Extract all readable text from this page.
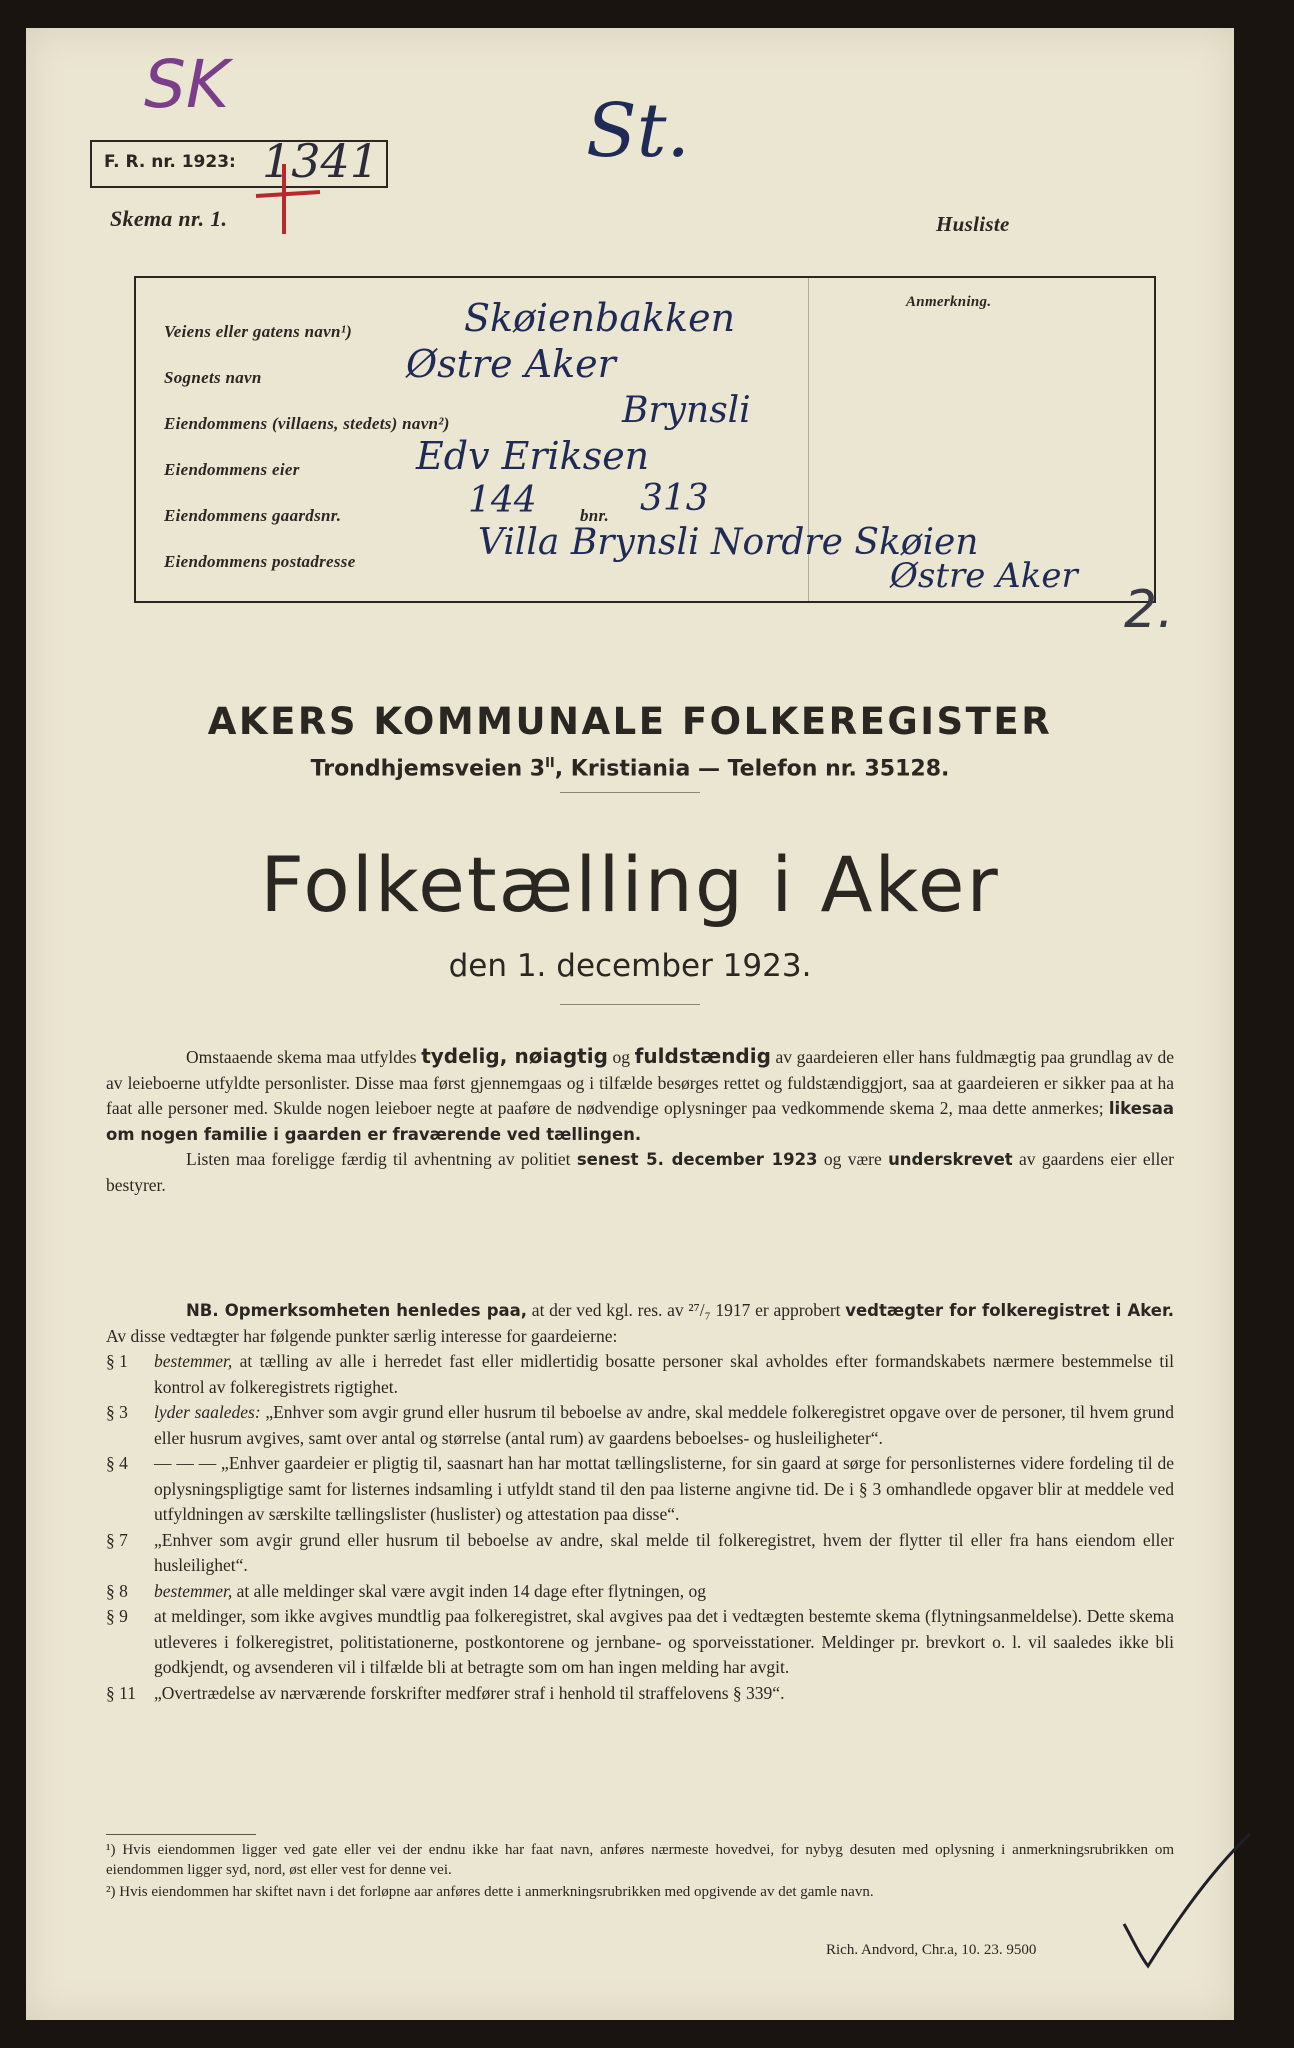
SK
St.
F. R. nr. 1923: 1341
Skema nr. 1.	Husliste
Anmerkning.
Veiens eller gatens navn¹)	Skøienbakken
Sognets navn	Østre Aker
Eiendommens (villaens, stedets) navn²)	Brynsli
Eiendommens eier	Edv Eriksen
Eiendommens gaardsnr.	144	bnr. 313
Eiendommens postadresse	Villa Brynsli Nordre Skøien
Østre Aker
2.
AKERS KOMMUNALE FOLKEREGISTER
Trondhjemsveien $3^{II}$, Kristiania — Telefon nr. 35128.
Folketælling i Aker
den 1. december 1923.

Omstaaende skema maa utfyldes tydelig, nøiagtig og fuldstændig av gaardeieren eller hans fuldmægtig paa grundlag av de av leieboerne utfyldte personlister. Disse maa først gjennemgaas og i tilfælde besørges rettet og fuldstændiggjort, saa at gaardeieren er sikker paa at ha faat alle personer med. Skulde nogen leieboer negte at paaføre de nødvendige oplysninger paa vedkommende skema 2, maa dette anmerkes; likesaa om nogen familie i gaarden er fraværende ved tællingen.

Listen maa foreligge færdig til avhentning av politiet senest 5. december 1923 og være underskrevet av gaardens eier eller bestyrer.

NB. Opmerksomheten henledes paa, at der ved kgl. res. av ²⁷/₇ 1917 er approbert vedtægter for folkeregistret i Aker. Av disse vedtægter har følgende punkter særlig interesse for gaardeierne:

§ 1	bestemmer, at tælling av alle i herredet fast eller midlertidig bosatte personer skal avholdes efter formandskabets nærmere bestemmelse til kontrol av folkeregistrets rigtighet.
§ 3	lyder saaledes: „Enhver som avgir grund eller husrum til beboelse av andre, skal meddele folkeregistret opgave over de personer, til hvem grund eller husrum avgives, samt over antal og størrelse (antal rum) av gaardens beboelses- og husleiligheter“.
§ 4	— — — „Enhver gaardeier er pligtig til, saasnart han har mottat tællingslisterne, for sin gaard at sørge for personlisternes videre fordeling til de oplysningspligtige samt for listernes indsamling i utfyldt stand til den paa listerne angivne tid. De i § 3 omhandlede opgaver blir at meddele ved utfyldningen av særskilte tællingslister (huslister) og attestation paa disse“.
§ 7	„Enhver som avgir grund eller husrum til beboelse av andre, skal melde til folkeregistret, hvem der flytter til eller fra hans eiendom eller husleilighet“.
§ 8	bestemmer, at alle meldinger skal være avgit inden 14 dage efter flytningen, og
§ 9	at meldinger, som ikke avgives mundtlig paa folkeregistret, skal avgives paa det i vedtægten bestemte skema (flytningsanmeldelse). Dette skema utleveres i folkeregistret, politistationerne, postkontorene og jernbane- og sporveisstationer. Meldinger pr. brevkort o. l. vil saaledes ikke bli godkjendt, og avsenderen vil i tilfælde bli at betragte som om han ingen melding har avgit.
§ 11	„Overtrædelse av nærværende forskrifter medfører straf i henhold til straffelovens § 339“.
¹) Hvis eiendommen ligger ved gate eller vei der endnu ikke har faat navn, anføres nærmeste hovedvei, for nybyg desuten med oplysning i anmerkningsrubrikken om eiendommen ligger syd, nord, øst eller vest for denne vei.
²) Hvis eiendommen har skiftet navn i det forløpne aar anføres dette i anmerkningsrubrikken med opgivende av det gamle navn.
Rich. Andvord, Chr.a, 10. 23. 9500
